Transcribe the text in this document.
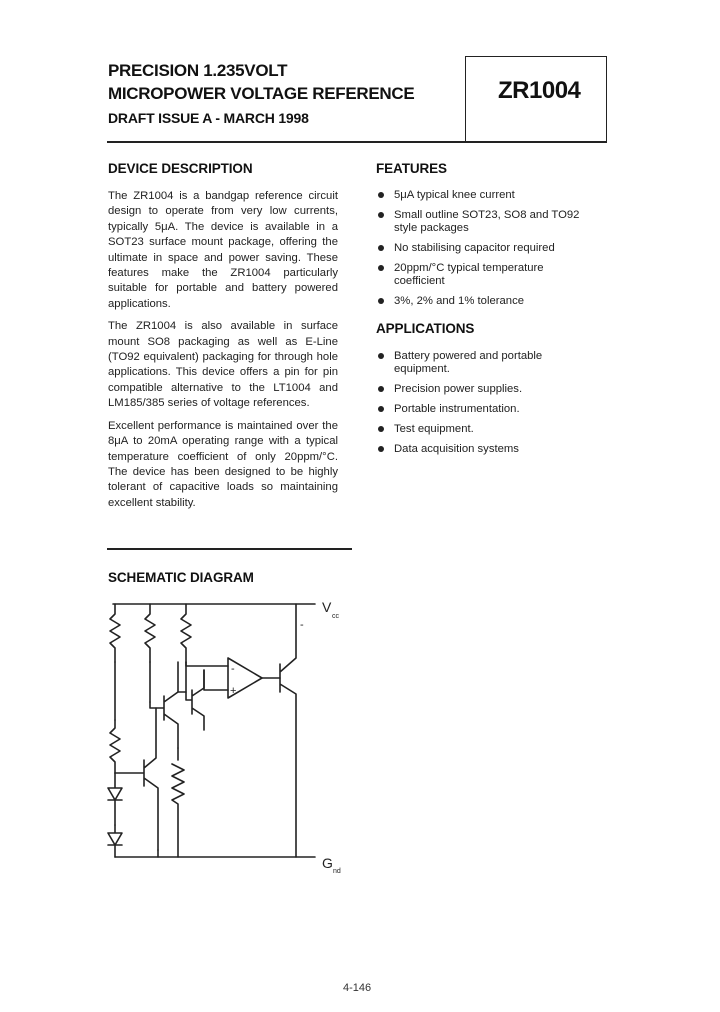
PRECISION 1.235VOLT
MICROPOWER VOLTAGE REFERENCE
DRAFT ISSUE A - MARCH 1998
ZR1004
DEVICE DESCRIPTION

The ZR1004 is a bandgap reference circuit design to operate from very low currents, typically 5μA. The device is available in a SOT23 surface mount package, offering the ultimate in space and power saving. These features make the ZR1004 particularly suitable for portable and battery powered applications.

The ZR1004 is also available in surface mount SO8 packaging as well as E-Line (TO92 equivalent) packaging for through hole applications. This device offers a pin for pin compatible alternative to the LT1004 and LM185/385 series of voltage references.

Excellent performance is maintained over the 8μA to 20mA operating range with a typical temperature coefficient of only 20ppm/°C. The device has been designed to be highly tolerant of capacitive loads so maintaining excellent stability.

FEATURES
5μA typical knee current
Small outline SOT23, SO8 and TO92 style packages
No stabilising capacitor required
20ppm/°C typical temperature coefficient
3%, 2% and 1% tolerance
APPLICATIONS
Battery powered and portable equipment.
Precision power supplies.
Portable instrumentation.
Test equipment.
Data acquisition systems
SCHEMATIC DIAGRAM
-
-
+
V
cc
G
nd
4-146
